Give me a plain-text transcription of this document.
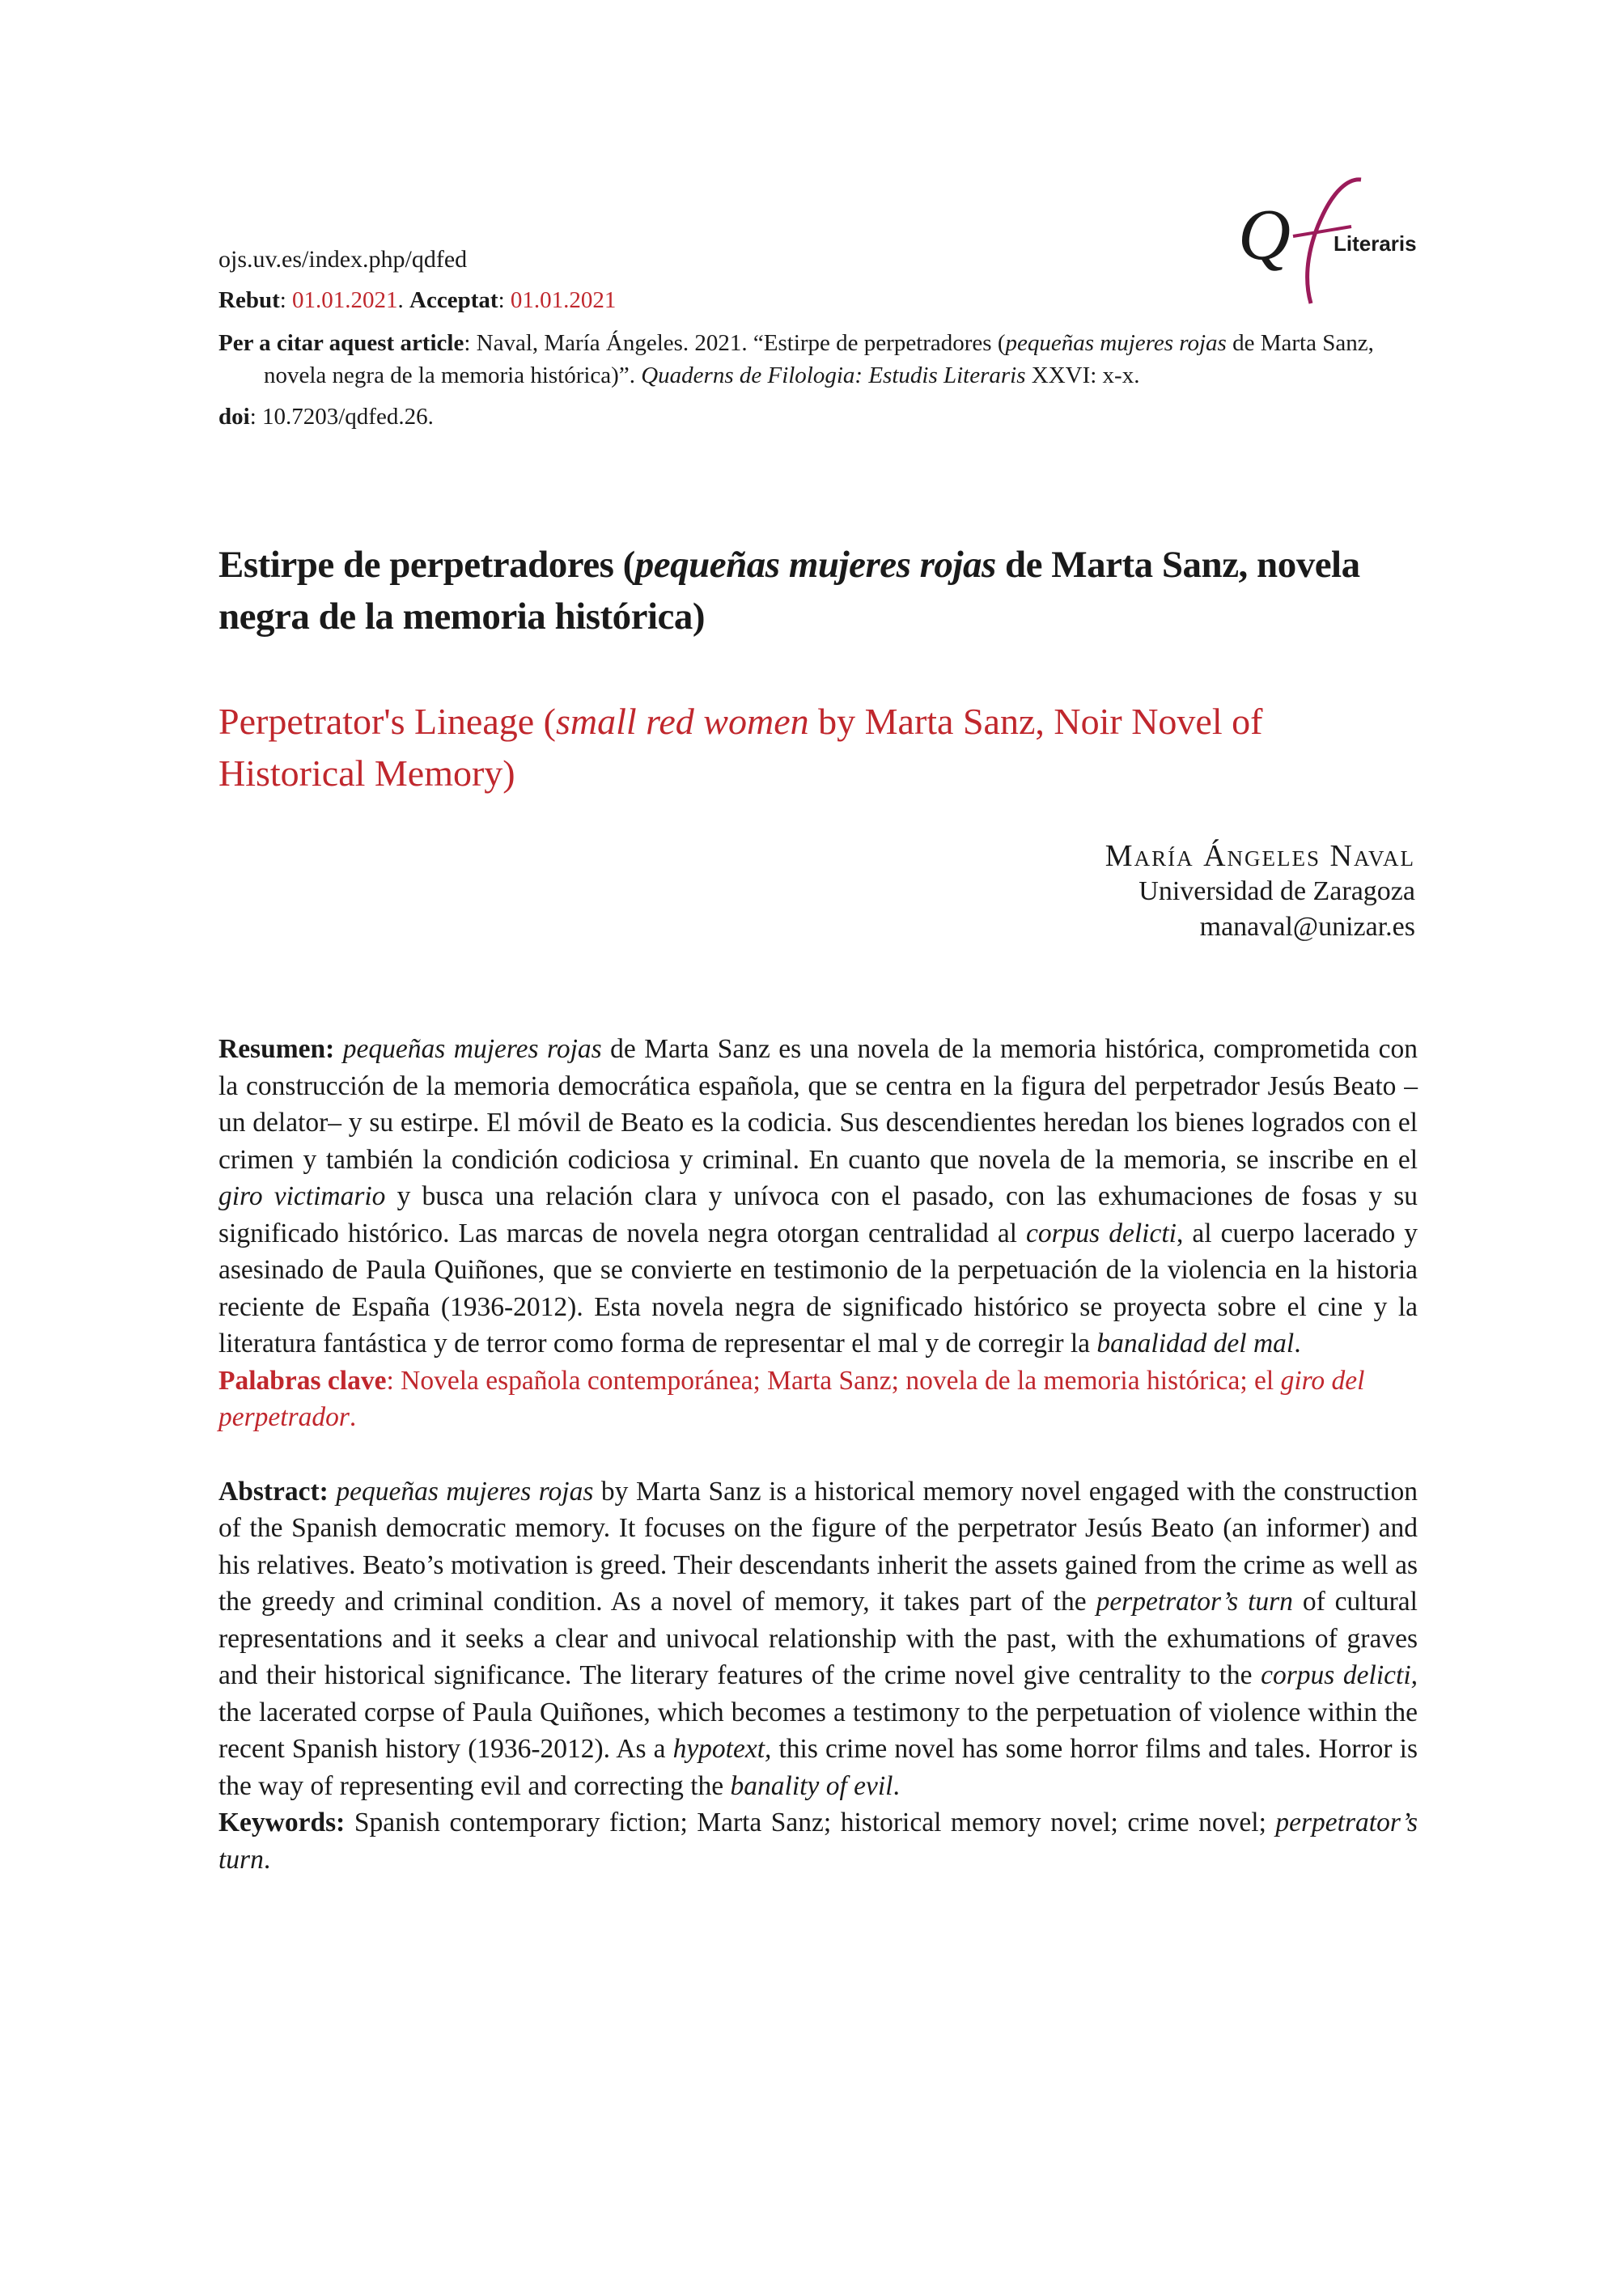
Q Literaris
ojs.uv.es/index.php/qdfed
Rebut: 01.01.2021. Acceptat: 01.01.2021
Per a citar aquest article: Naval, María Ángeles. 2021. “Estirpe de perpetradores (pequeñas mujeres rojas de Marta Sanz, novela negra de la memoria histórica)”. Quaderns de Filologia: Estudis Literaris XXVI: x-x.
doi: 10.7203/qdfed.26.
Estirpe de perpetradores (pequeñas mujeres rojas de Marta Sanz, novela negra de la memoria histórica)
Perpetrator's Lineage (small red women by Marta Sanz, Noir Novel of Historical Memory)
María Ángeles Naval
Universidad de Zaragoza
manaval@unizar.es

Resumen: pequeñas mujeres rojas de Marta Sanz es una novela de la memoria histórica, comprometida con la construcción de la memoria democrática española, que se centra en la figura del perpetrador Jesús Beato –un delator– y su estirpe. El móvil de Beato es la codicia. Sus descendientes heredan los bienes logrados con el crimen y también la condición codiciosa y criminal. En cuanto que novela de la memoria, se inscribe en el giro victimario y busca una relación clara y unívoca con el pasado, con las exhumaciones de fosas y su significado histórico. Las marcas de novela negra otorgan centralidad al corpus delicti, al cuerpo lacerado y asesinado de Paula Quiñones, que se convierte en testimonio de la perpetuación de la violencia en la historia reciente de España (1936-2012). Esta novela negra de significado histórico se proyecta sobre el cine y la literatura fantástica y de terror como forma de representar el mal y de corregir la banalidad del mal.

Palabras clave: Novela española contemporánea; Marta Sanz; novela de la memoria histórica; el giro del perpetrador.

Abstract: pequeñas mujeres rojas by Marta Sanz is a historical memory novel engaged with the construction of the Spanish democratic memory. It focuses on the figure of the perpetrator Jesús Beato (an informer) and his relatives. Beato’s motivation is greed. Their descendants inherit the assets gained from the crime as well as the greedy and criminal condition. As a novel of memory, it takes part of the perpetrator’s turn of cultural representations and it seeks a clear and univocal relationship with the past, with the exhumations of graves and their historical significance. The literary features of the crime novel give centrality to the corpus delicti, the lacerated corpse of Paula Quiñones, which becomes a testimony to the perpetuation of violence within the recent Spanish history (1936-2012). As a hypotext, this crime novel has some horror films and tales. Horror is the way of representing evil and correcting the banality of evil.

Keywords: Spanish contemporary fiction; Marta Sanz; historical memory novel; crime novel; perpetrator’s turn.
